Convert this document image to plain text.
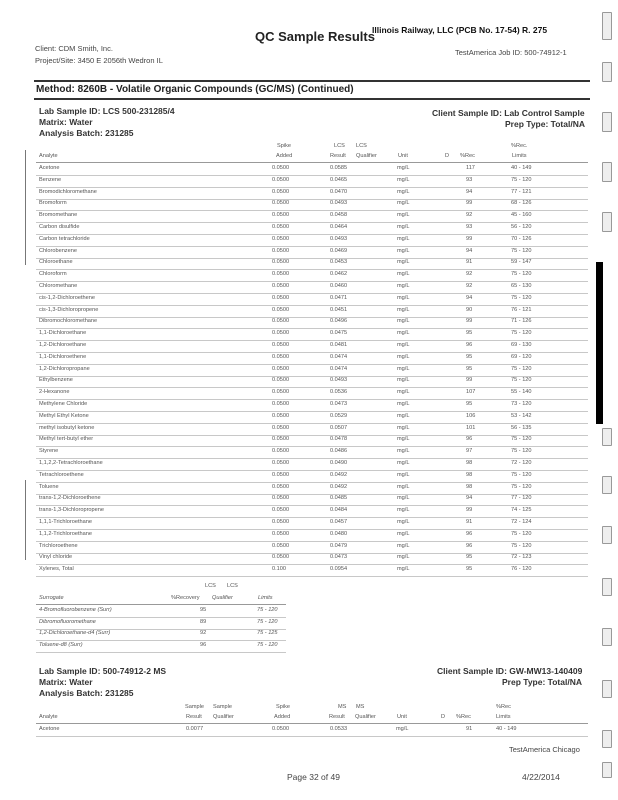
QC Sample Results
Illinois Railway, LLC (PCB No. 17-54) R. 275
Client: CDM Smith, Inc.
Project/Site: 3450 E 2056th Wedron IL
TestAmerica Job ID: 500-74912-1
Method: 8260B - Volatile Organic Compounds (GC/MS) (Continued)
Lab Sample ID: LCS 500-231285/4
Matrix: Water
Analysis Batch: 231285
Client Sample ID: Lab Control Sample
Prep Type: Total/NA
Spike
Added
LCS
Result
LCS
Qualifier
Analyte	Unit	D %Rec
%Rec.
Limits
Acetone	0.0500	0.0585	mg/L	117	40 - 149
Benzene	0.0500	0.0465	mg/L	93	75 - 120
Bromodichloromethane	0.0500	0.0470	mg/L	94	77 - 121
Bromoform	0.0500	0.0493	mg/L	99	68 - 126
Bromomethane	0.0500	0.0458	mg/L	92	45 - 160
Carbon disulfide	0.0500	0.0464	mg/L	93	56 - 120
Carbon tetrachloride	0.0500	0.0493	mg/L	99	70 - 126
Chlorobenzene	0.0500	0.0469	mg/L	94	75 - 120
Chloroethane	0.0500	0.0453	mg/L	91	59 - 147
Chloroform	0.0500	0.0462	mg/L	92	75 - 120
Chloromethane	0.0500	0.0460	mg/L	92	65 - 130
cis-1,2-Dichloroethene	0.0500	0.0471	mg/L	94	75 - 120
cis-1,3-Dichloropropene	0.0500	0.0451	mg/L	90	76 - 121
Dibromochloromethane	0.0500	0.0496	mg/L	99	71 - 126
1,1-Dichloroethane	0.0500	0.0475	mg/L	95	75 - 120
1,2-Dichloroethane	0.0500	0.0481	mg/L	96	69 - 130
1,1-Dichloroethene	0.0500	0.0474	mg/L	95	69 - 120
1,2-Dichloropropane	0.0500	0.0474	mg/L	95	75 - 120
Ethylbenzene	0.0500	0.0493	mg/L	99	75 - 120
2-Hexanone	0.0500	0.0536	mg/L	107	55 - 140
Methylene Chloride	0.0500	0.0473	mg/L	95	73 - 120
Methyl Ethyl Ketone	0.0500	0.0529	mg/L	106	53 - 142
methyl isobutyl ketone	0.0500	0.0507	mg/L	101	56 - 135
Methyl tert-butyl ether	0.0500	0.0478	mg/L	96	75 - 120
Styrene	0.0500	0.0486	mg/L	97	75 - 120
1,1,2,2-Tetrachloroethane	0.0500	0.0490	mg/L	98	72 - 120
Tetrachloroethene	0.0500	0.0492	mg/L	98	75 - 120
Toluene	0.0500	0.0492	mg/L	98	75 - 120
trans-1,2-Dichloroethene	0.0500	0.0485	mg/L	94	77 - 120
trans-1,3-Dichloropropene	0.0500	0.0484	mg/L	99	74 - 125
1,1,1-Trichloroethane	0.0500	0.0457	mg/L	91	72 - 124
1,1,2-Trichloroethane	0.0500	0.0480	mg/L	96	75 - 120
Trichloroethene	0.0500	0.0479	mg/L	96	75 - 120
Vinyl chloride	0.0500	0.0473	mg/L	95	72 - 123
Xylenes, Total	0.100	0.0954	mg/L	95	76 - 120
LCS LCS
Surrogate	%Recovery Qualifier	Limits
4-Bromofluorobenzene (Surr)	95	75 - 120
Dibromofluoromethane	89	75 - 120
1,2-Dichloroethane-d4 (Surr)	92	75 - 125
Toluene-d8 (Surr)	96	75 - 120
Lab Sample ID: 500-74912-2 MS
Matrix: Water
Analysis Batch: 231285
Client Sample ID: GW-MW13-140409
Prep Type: Total/NA
Sample
Result
Sample
Qualifier
Spike
Added
MS
Result
MS
Qualifier
Analyte	Unit	D %Rec
%Rec
Limits
Acetone	0.0077	0.0500	0.0533	mg/L	91	40 - 149
TestAmerica Chicago
Page 32 of 49	4/22/2014
